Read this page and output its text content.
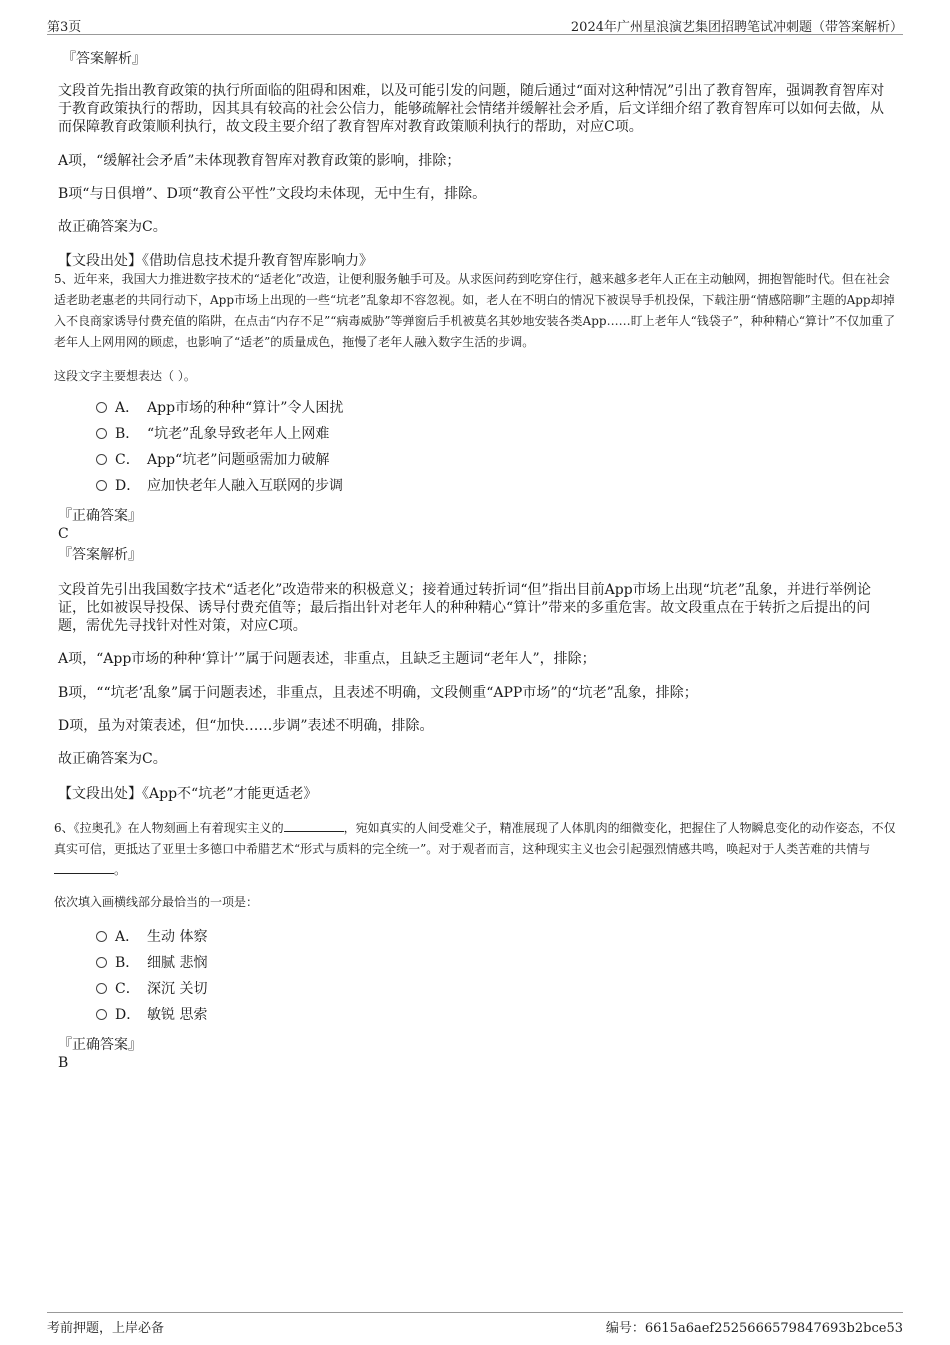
第3页	2024年广州星浪演艺集团招聘笔试冲刺题（带答案解析）
『答案解析』
文段首先指出教育政策的执行所面临的阻碍和困难，以及可能引发的问题，随后通过“面对这种情况”引出了教育智库，强调教育智库对于教育政策执行的帮助，因其具有较高的社会公信力，能够疏解社会情绪并缓解社会矛盾，后文详细介绍了教育智库可以如何去做，从而保障教育政策顺利执行，故文段主要介绍了教育智库对教育政策顺利执行的帮助，对应C项。
A项，“缓解社会矛盾”未体现教育智库对教育政策的影响，排除；
B项“与日俱增”、D项“教育公平性”文段均未体现，无中生有，排除。
故正确答案为C。
【文段出处】《借助信息技术提升教育智库影响力》
5、近年来，我国大力推进数字技术的“适老化”改造，让便利服务触手可及。从求医问药到吃穿住行，越来越多老年人正在主动触网，拥抱智能时代。但在社会适老助老惠老的共同行动下，App市场上出现的一些“坑老”乱象却不容忽视。如，老人在不明白的情况下被误导手机投保，下载注册“情感陪聊”主题的App却掉入不良商家诱导付费充值的陷阱，在点击“内存不足”“病毒威胁”等弹窗后手机被莫名其妙地安装各类App……盯上老年人“钱袋子”，种种精心“算计”不仅加重了老年人上网用网的顾虑，也影响了“适老”的质量成色，拖慢了老年人融入数字生活的步调。
这段文字主要想表达（ ）。
A． App市场的种种“算计”令人困扰
B． “坑老”乱象导致老年人上网难
C． App“坑老”问题亟需加力破解
D． 应加快老年人融入互联网的步调
『正确答案』
C
『答案解析』
文段首先引出我国数字技术“适老化”改造带来的积极意义；接着通过转折词“但”指出目前App市场上出现“坑老”乱象，并进行举例论证，比如被误导投保、诱导付费充值等；最后指出针对老年人的种种精心“算计”带来的多重危害。故文段重点在于转折之后提出的问题，需优先寻找针对性对策，对应C项。
A项，“App市场的种种‘算计’”属于问题表述，非重点，且缺乏主题词“老年人”，排除；
B项，““坑老’乱象”属于问题表述，非重点，且表述不明确，文段侧重“APP市场”的“坑老”乱象，排除；
D项，虽为对策表述，但“加快……步调”表述不明确，排除。
故正确答案为C。
【文段出处】《App不“坑老”才能更适老》
6、《拉奥孔》在人物刻画上有着现实主义的	，宛如真实的人间受难父子，精准展现了人体肌肉的细微变化，把握住了人物瞬息变化的动作姿态，不仅真实可信，更抵达了亚里士多德口中希腊艺术“形式与质料的完全统一”。对于观者而言，这种现实主义也会引起强烈情感共鸣，唤起对于人类苦难的共情与。
依次填入画横线部分最恰当的一项是：
A． 生动 体察
B． 细腻 悲悯
C． 深沉 关切
D． 敏锐 思索
『正确答案』
B
考前押题，上岸必备	编号：6615a6aef2525666579847693b2bce53
